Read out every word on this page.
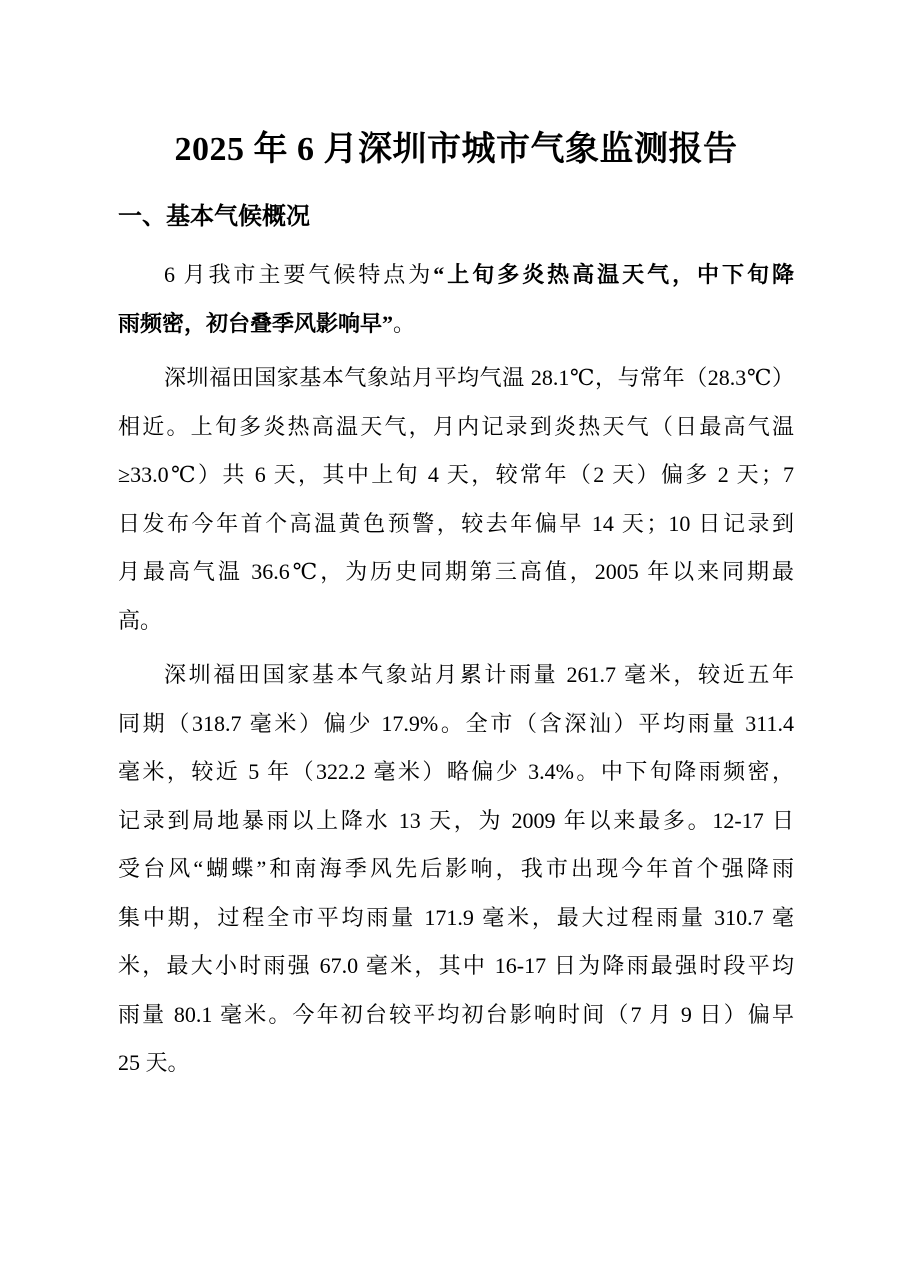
2025 年 6 月深圳市城市气象监测报告
一、基本气候概况
6 月我市主要气候特点为“上旬多炎热高温天气，中下旬降
雨频密，初台叠季风影响早”。
深圳福田国家基本气象站月平均气温 28.1℃，与常年（28.3℃）
相近。上旬多炎热高温天气，月内记录到炎热天气（日最高气温
≥33.0℃）共 6 天，其中上旬 4 天，较常年（2 天）偏多 2 天；7
日发布今年首个高温黄色预警，较去年偏早 14 天；10 日记录到
月最高气温 36.6℃，为历史同期第三高值，2005 年以来同期最
高。
深圳福田国家基本气象站月累计雨量 261.7 毫米，较近五年
同期（318.7 毫米）偏少 17.9%。全市（含深汕）平均雨量 311.4
毫米，较近 5 年（322.2 毫米）略偏少 3.4%。中下旬降雨频密，
记录到局地暴雨以上降水 13 天，为 2009 年以来最多。12-17 日
受台风“蝴蝶”和南海季风先后影响，我市出现今年首个强降雨
集中期，过程全市平均雨量 171.9 毫米，最大过程雨量 310.7 毫
米，最大小时雨强 67.0 毫米，其中 16-17 日为降雨最强时段平均
雨量 80.1 毫米。今年初台较平均初台影响时间（7 月 9 日）偏早
25 天。
